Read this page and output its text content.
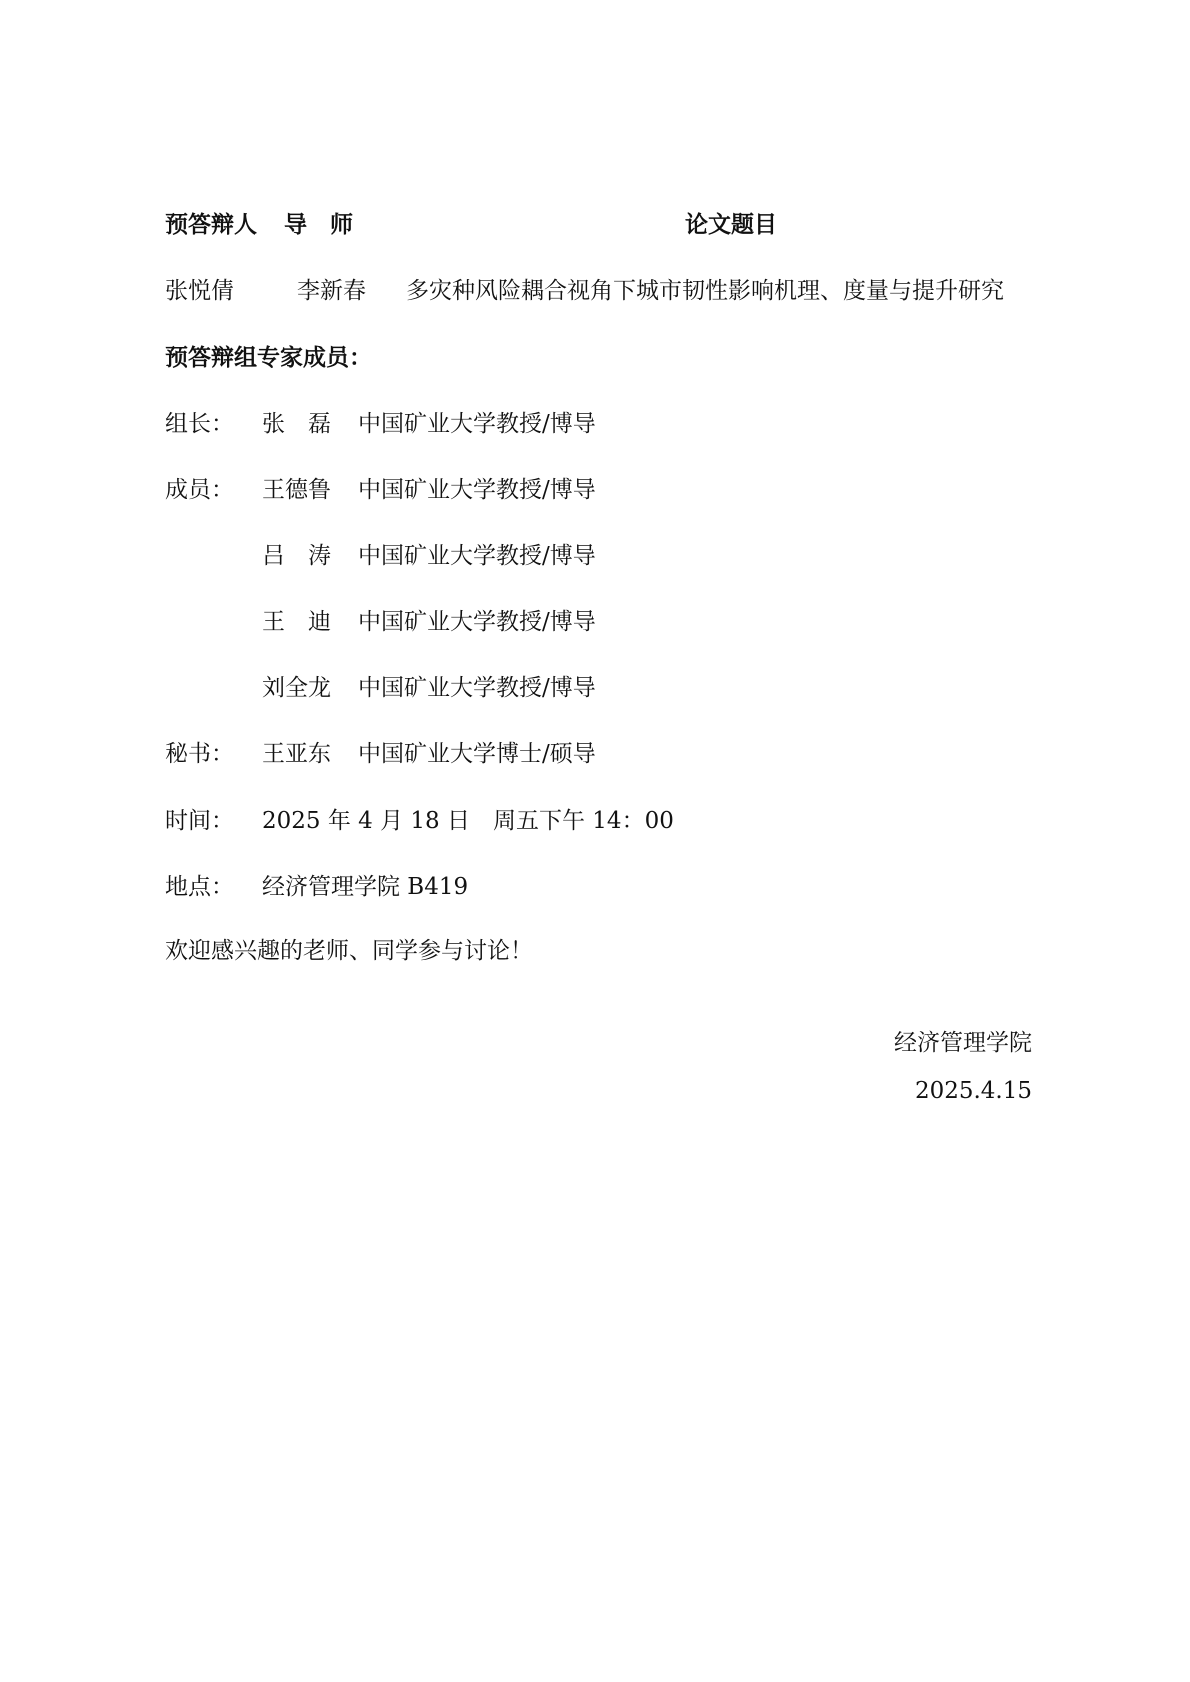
预答辩人 导　师	论文题目
张悦倩	李新春 多灾种风险耦合视角下城市韧性影响机理、度量与提升研究
预答辩组专家成员：
组长： 张　磊 中国矿业大学教授/博导
成员： 王德鲁 中国矿业大学教授/博导
吕　涛 中国矿业大学教授/博导
王　迪 中国矿业大学教授/博导
刘全龙 中国矿业大学教授/博导
秘书： 王亚东 中国矿业大学博士/硕导
时间： 2025 年 4 月 18 日　周五下午 14：00
地点： 经济管理学院 B419
欢迎感兴趣的老师、同学参与讨论！
经济管理学院
2025.4.15
